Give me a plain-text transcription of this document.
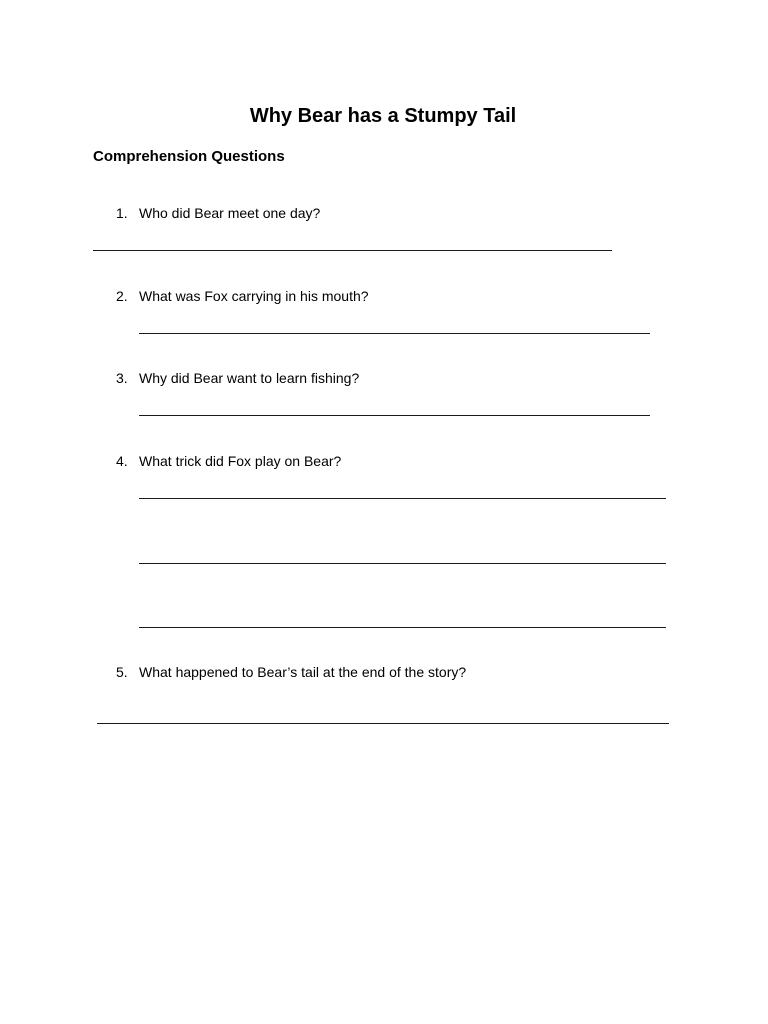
Why Bear has a Stumpy Tail
Comprehension Questions
1. Who did Bear meet one day?
2. What was Fox carrying in his mouth?
3. Why did Bear want to learn fishing?
4. What trick did Fox play on Bear?
5. What happened to Bear’s tail at the end of the story?
